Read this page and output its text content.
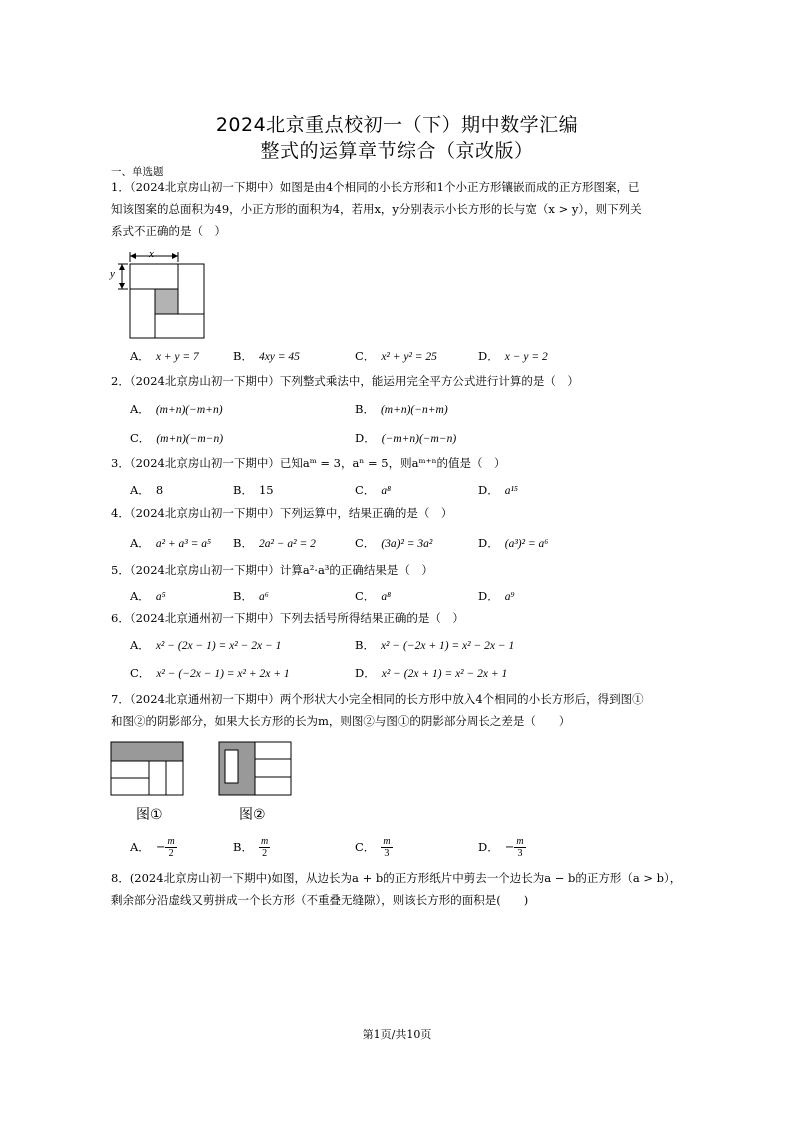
2024北京重点校初一（下）期中数学汇编
整式的运算章节综合（京改版）
一、单选题
1．（2024北京房山初一下期中）如图是由4个相同的小长方形和1个小正方形镶嵌而成的正方形图案，已
知该图案的总面积为49，小正方形的面积为4，若用x，y分别表示小长方形的长与宽（x > y），则下列关
系式不正确的是（　）
x
y
A． x + y = 7	B． 4xy = 45	C． x² + y² = 25	D． x − y = 2
2．（2024北京房山初一下期中）下列整式乘法中，能运用完全平方公式进行计算的是（　）
A． (m+n)(−m+n)	B． (m+n)(−n+m)
C． (m+n)(−m−n)	D． (−m+n)(−m−n)
3．（2024北京房山初一下期中）已知aᵐ = 3，aⁿ = 5，则aᵐ⁺ⁿ的值是（　）
A． 8	B． 15	C． a⁸	D． a¹⁵
4．（2024北京房山初一下期中）下列运算中，结果正确的是（　）
A． a² + a³ = a⁵ B． 2a² − a² = 2	C． (3a)² = 3a²	D． (a³)² = a⁶
5．（2024北京房山初一下期中）计算a²·a³的正确结果是（　）
A． a⁵	B． a⁶	C． a⁸	D． a⁹
6．（2024北京通州初一下期中）下列去括号所得结果正确的是（　）
A． x² − (2x − 1) = x² − 2x − 1	B． x² − (−2x + 1) = x² − 2x − 1
C． x² − (−2x − 1) = x² + 2x + 1	D． x² − (2x + 1) = x² − 2x + 1
7．（2024北京通州初一下期中）两个形状大小完全相同的长方形中放入4个相同的小长方形后，得到图①
和图②的阴影部分，如果大长方形的长为m，则图②与图①的阴影部分周长之差是（　　）
图①	图②
A． − $\frac{m}{2}$	B． $\frac{m}{2}$	C． $\frac{m}{3}$	D． − $\frac{m}{3}$
8．(2024北京房山初一下期中)如图，从边长为a + b的正方形纸片中剪去一个边长为a − b的正方形（a > b），
剩余部分沿虚线又剪拼成一个长方形（不重叠无缝隙），则该长方形的面积是(　　)
第1页/共10页
